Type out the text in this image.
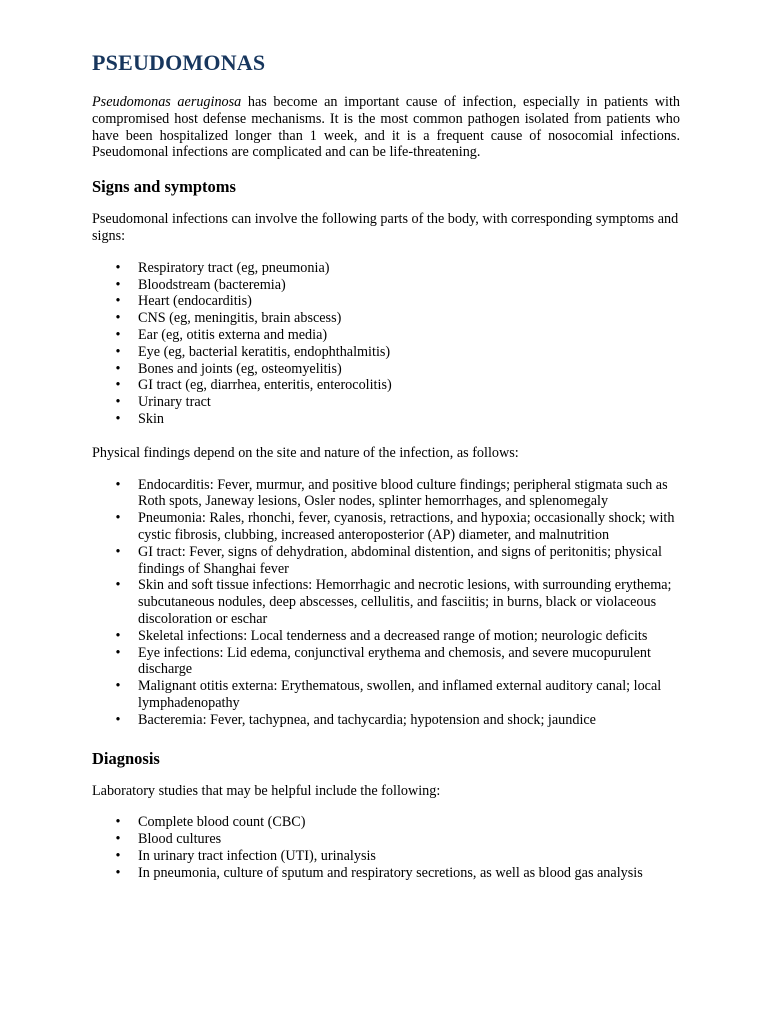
PSEUDOMONAS

Pseudomonas aeruginosa has become an important cause of infection, especially in patients with compromised host defense mechanisms. It is the most common pathogen isolated from patients who have been hospitalized longer than 1 week, and it is a frequent cause of nosocomial infections. Pseudomonal infections are complicated and can be life-threatening.

Signs and symptoms

Pseudomonal infections can involve the following parts of the body, with corresponding symptoms and signs:

• Respiratory tract (eg, pneumonia)
• Bloodstream (bacteremia)
• Heart (endocarditis)
• CNS (eg, meningitis, brain abscess)
• Ear (eg, otitis externa and media)
• Eye (eg, bacterial keratitis, endophthalmitis)
• Bones and joints (eg, osteomyelitis)
• GI tract (eg, diarrhea, enteritis, enterocolitis)
• Urinary tract
• Skin

Physical findings depend on the site and nature of the infection, as follows:

• Endocarditis: Fever, murmur, and positive blood culture findings; peripheral stigmata such as Roth spots, Janeway lesions, Osler nodes, splinter hemorrhages, and splenomegaly
• Pneumonia: Rales, rhonchi, fever, cyanosis, retractions, and hypoxia; occasionally shock; with cystic fibrosis, clubbing, increased anteroposterior (AP) diameter, and malnutrition
• GI tract: Fever, signs of dehydration, abdominal distention, and signs of peritonitis; physical findings of Shanghai fever
• Skin and soft tissue infections: Hemorrhagic and necrotic lesions, with surrounding erythema; subcutaneous nodules, deep abscesses, cellulitis, and fasciitis; in burns, black or violaceous discoloration or eschar
• Skeletal infections: Local tenderness and a decreased range of motion; neurologic deficits
• Eye infections: Lid edema, conjunctival erythema and chemosis, and severe mucopurulent discharge
• Malignant otitis externa: Erythematous, swollen, and inflamed external auditory canal; local lymphadenopathy
• Bacteremia: Fever, tachypnea, and tachycardia; hypotension and shock; jaundice
Diagnosis

Laboratory studies that may be helpful include the following:

• Complete blood count (CBC)
• Blood cultures
• In urinary tract infection (UTI), urinalysis
• In pneumonia, culture of sputum and respiratory secretions, as well as blood gas analysis
